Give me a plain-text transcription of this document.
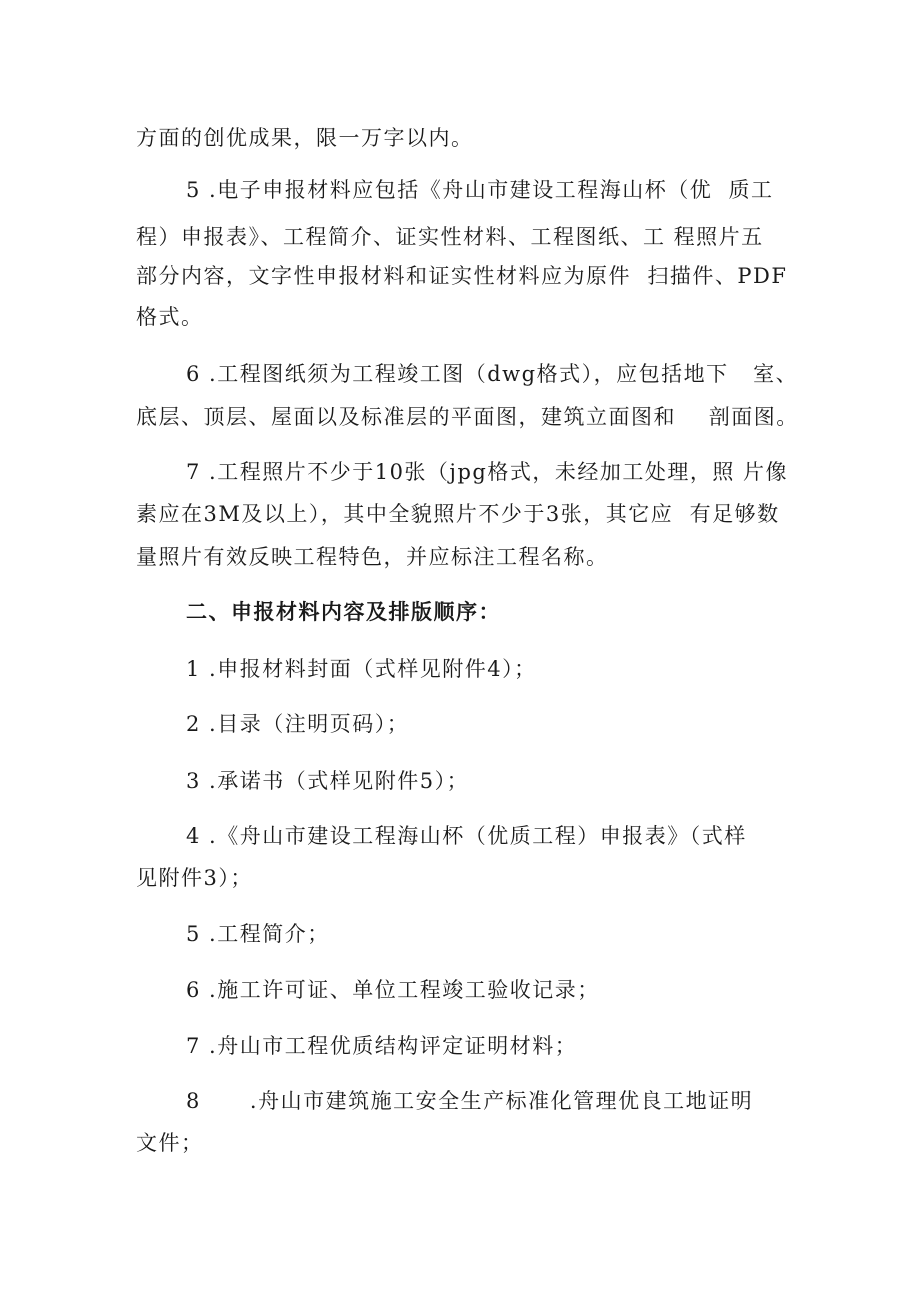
方面的创优成果，限一万字以内。
5 .电子申报材料应包括《舟山市建设工程海山杯（优  质工
程）申报表》、工程简介、证实性材料、工程图纸、工 程照片五
部分内容，文字性申报材料和证实性材料应为原件  扫描件、PDF
格式。
6 .工程图纸须为工程竣工图（dwg格式），应包括地下   室、
底层、顶层、屋面以及标准层的平面图，建筑立面图和    剖面图。
7 .工程照片不少于10张（jpg格式，未经加工处理，照 片像
素应在3M及以上），其中全貌照片不少于3张，其它应  有足够数
量照片有效反映工程特色，并应标注工程名称。
二、申报材料内容及排版顺序：
1 .申报材料封面（式样见附件4）；
2 .目录（注明页码）；
3 .承诺书（式样见附件5）；
4 .《舟山市建设工程海山杯（优质工程）申报表》（式样
见附件3）；
5 .工程简介；
6 .施工许可证、单位工程竣工验收记录；
7 .舟山市工程优质结构评定证明材料；
8      .舟山市建筑施工安全生产标准化管理优良工地证明
文件；
